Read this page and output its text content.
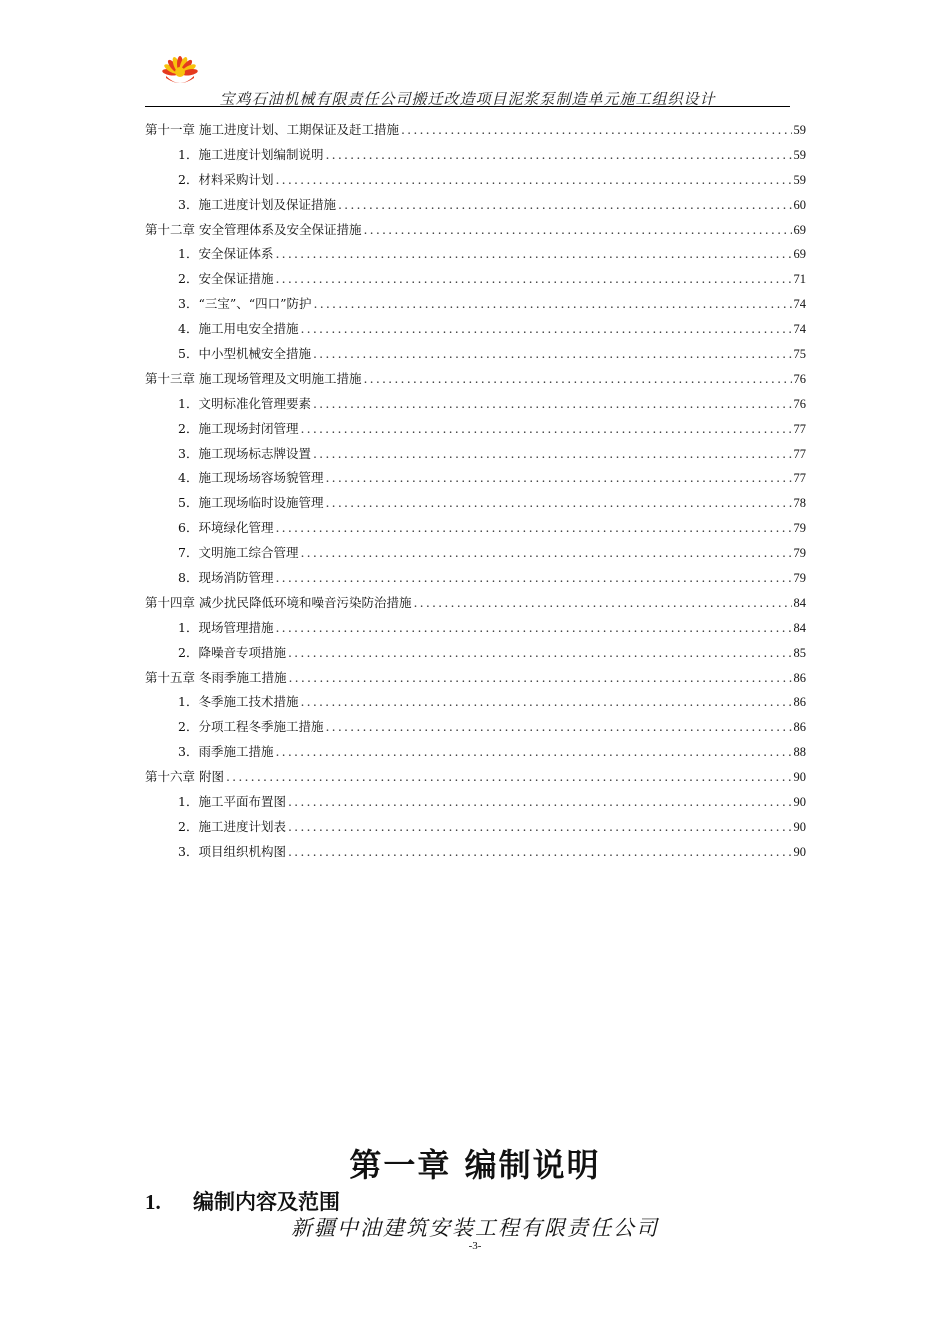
宝鸡石油机械有限责任公司搬迁改造项目泥浆泵制造单元施工组织设计
第十一章 施工进度计划、工期保证及赶工措施 .....	59
1． 施工进度计划编制说明 .....	59
2． 材料采购计划 .....	59
3． 施工进度计划及保证措施 .....	60
第十二章 安全管理体系及安全保证措施 .....	69
1． 安全保证体系 .....	69
2． 安全保证措施 .....	71
3． “三宝”、“四口”防护 .....	74
4． 施工用电安全措施 .....	74
5． 中小型机械安全措施 .....	75
第十三章 施工现场管理及文明施工措施 .....	76
1． 文明标准化管理要素 .....	76
2． 施工现场封闭管理 .....	77
3． 施工现场标志牌设置 .....	77
4． 施工现场场容场貌管理 .....	77
5． 施工现场临时设施管理 .....	78
6． 环境绿化管理 .....	79
7． 文明施工综合管理 .....	79
8． 现场消防管理 .....	79
第十四章 减少扰民降低环境和噪音污染防治措施 .....	84
1． 现场管理措施 .....	84
2． 降噪音专项措施 .....	85
第十五章 冬雨季施工措施 .....	86
1． 冬季施工技术措施 .....	86
2． 分项工程冬季施工措施 .....	86
3． 雨季施工措施 .....	88
第十六章 附图 .....	90
1． 施工平面布置图 .....	90
2． 施工进度计划表 .....	90
3． 项目组织机构图 .....	90
第一章 编制说明
1. 编制内容及范围
新疆中油建筑安装工程有限责任公司
-3-
